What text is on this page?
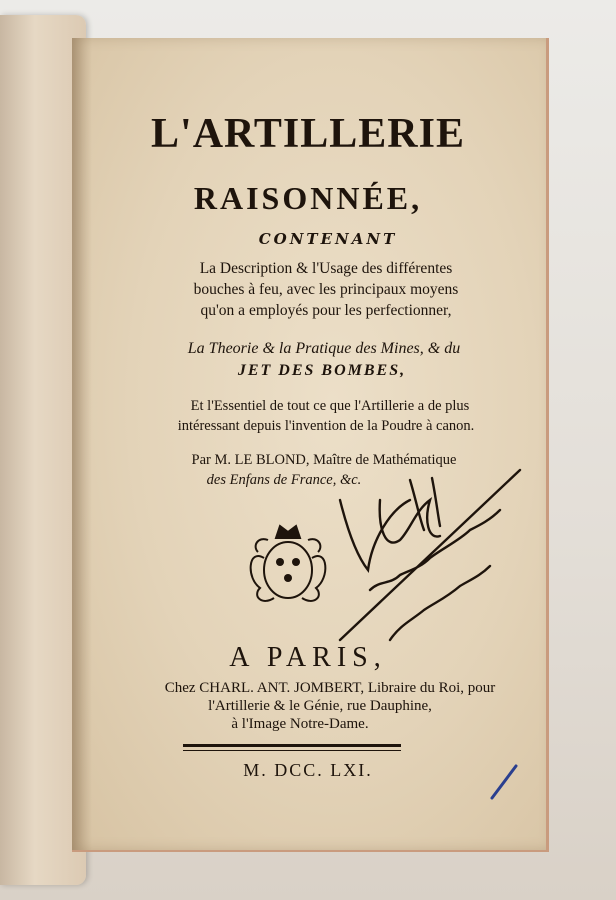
L'ARTILLERIE
RAISONNÉE,
CONTENANT
La Description & l'Usage des différentes
bouches à feu, avec les principaux moyens
qu'on a employés pour les perfectionner,
La Theorie & la Pratique des Mines, & du
JET DES BOMBES,
Et l'Essentiel de tout ce que l'Artillerie a de plus
intéressant depuis l'invention de la Poudre à canon.
Par M. LE BLOND, Maître de Mathématique
des Enfans de France, &c.
A PARIS,
Chez CHARL. ANT. JOMBERT, Libraire du Roi, pour
l'Artillerie & le Génie, rue Dauphine,
à l'Image Notre-Dame.
M. DCC. LXI.
